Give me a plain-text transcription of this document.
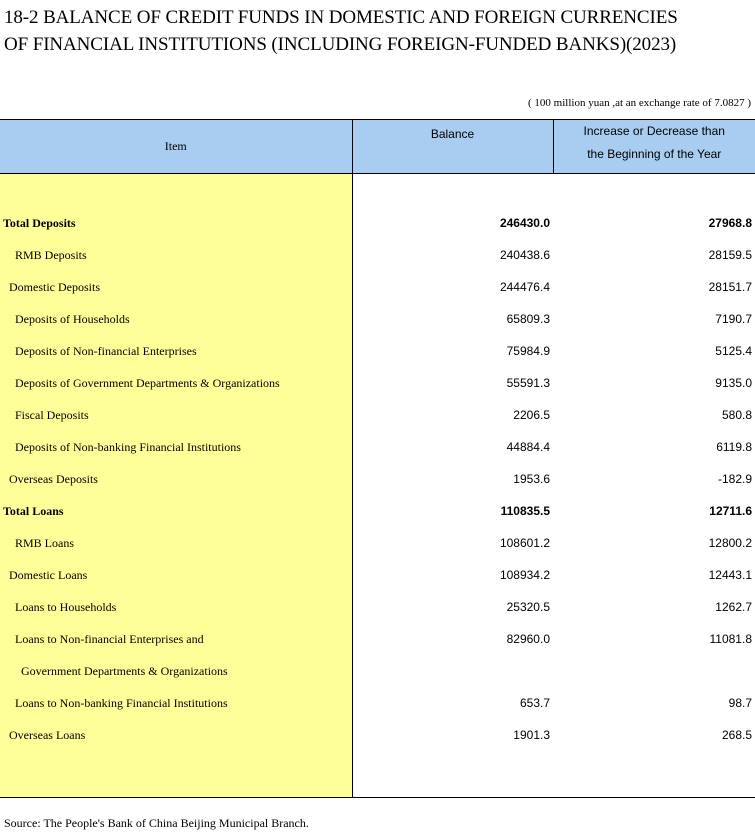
18-2 BALANCE OF CREDIT FUNDS IN DOMESTIC AND FOREIGN CURRENCIES
OF FINANCIAL INSTITUTIONS (INCLUDING FOREIGN-FUNDED BANKS)(2023)
( 100 million yuan ,at an exchange rate of 7.0827 )
Item	Balance	Increase or Decrease than
the Beginning of the Year

Total Deposits	246430.0	27968.8
RMB Deposits	240438.6	28159.5
Domestic Deposits	244476.4	28151.7
Deposits of Households	65809.3	7190.7
Deposits of Non-financial Enterprises	75984.9	5125.4
Deposits of Government Departments & Organizations	55591.3	9135.0
Fiscal Deposits	2206.5	580.8
Deposits of Non-banking Financial Institutions	44884.4	6119.8
Overseas Deposits	1953.6	-182.9
Total Loans	110835.5	12711.6
RMB Loans	108601.2	12800.2
Domestic Loans	108934.2	12443.1
Loans to Households	25320.5	1262.7
Loans to Non-financial Enterprises and	82960.0	11081.8
Government Departments & Organizations		
Loans to Non-banking Financial Institutions	653.7	98.7
Overseas Loans	1901.3	268.5

Source: The People's Bank of China Beijing Municipal Branch.
